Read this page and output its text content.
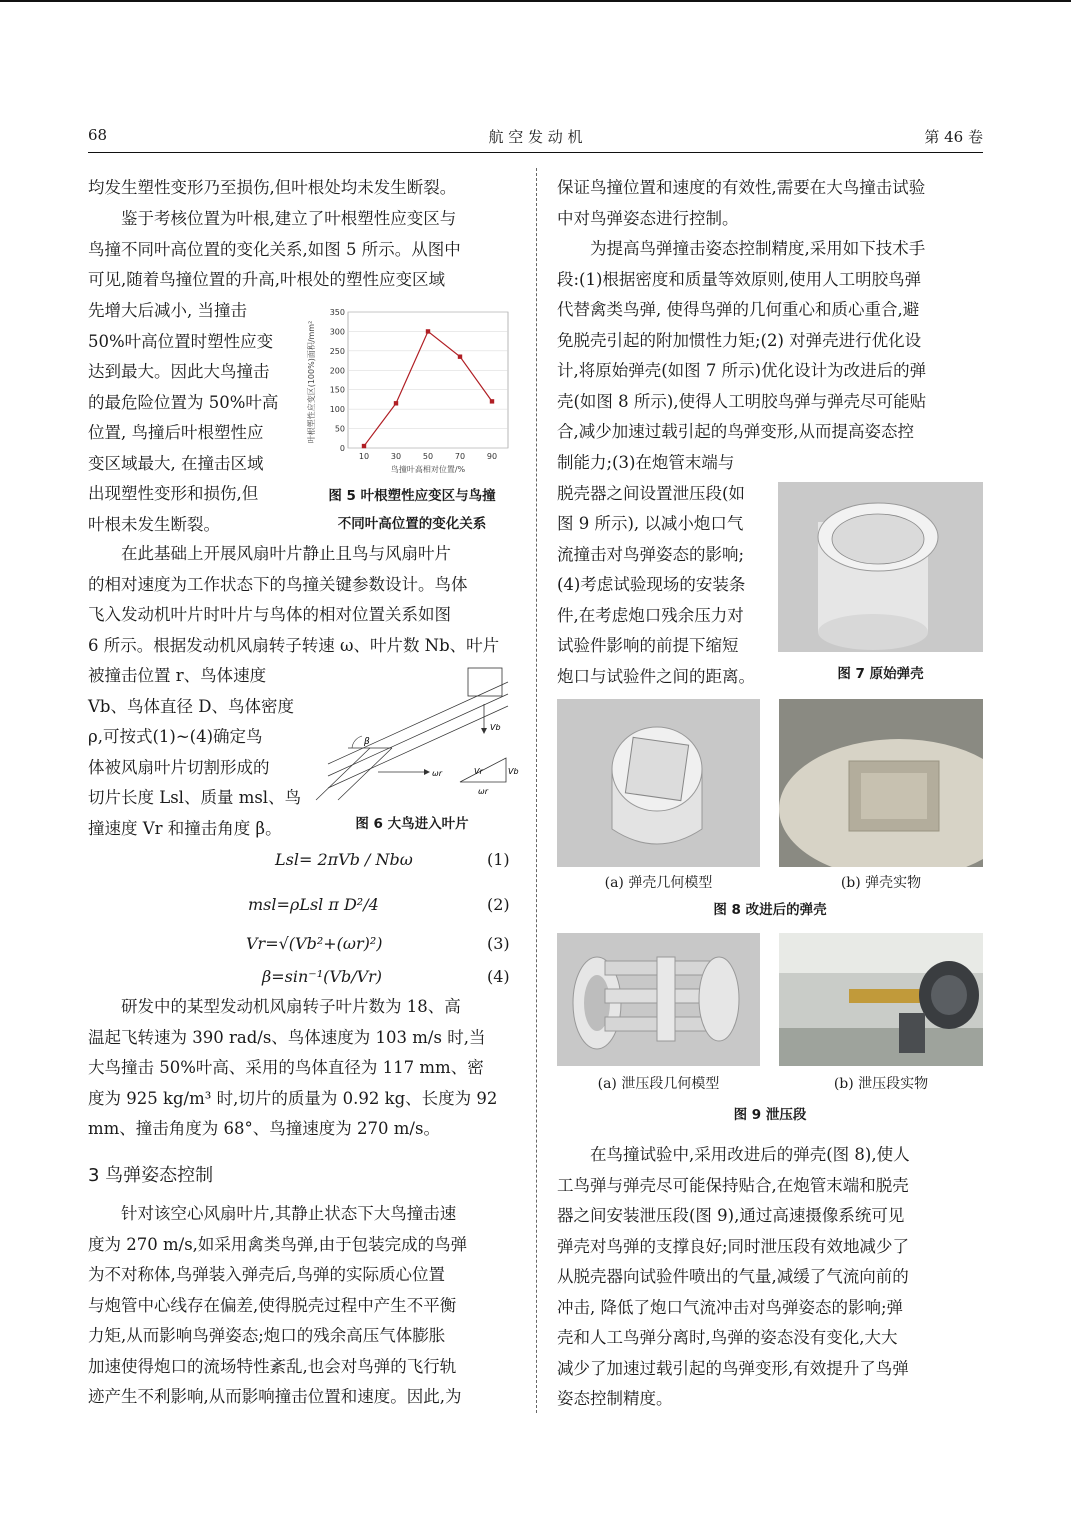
68	航 空 发 动 机	第 46 卷
均发生塑性变形乃至损伤,但叶根处均未发生断裂。
鉴于考核位置为叶根,建立了叶根塑性应变区与
鸟撞不同叶高位置的变化关系,如图 5 所示。从图中
可见,随着鸟撞位置的升高,叶根处的塑性应变区域
先增大后减小, 当撞击
50%叶高位置时塑性应变
达到最大。因此大鸟撞击
的最危险位置为 50%叶高
位置, 鸟撞后叶根塑性应
变区域最大, 在撞击区域
出现塑性变形和损伤,但
叶根未发生断裂。
0
50
100
150
200
250
300
350
10	30	50	70	90
叶根塑性应变区(100%)面积/mm²
鸟撞叶高相对位置/%
图 5 叶根塑性应变区与鸟撞
不同叶高位置的变化关系
在此基础上开展风扇叶片静止且鸟与风扇叶片
的相对速度为工作状态下的鸟撞关键参数设计。鸟体
飞入发动机叶片时叶片与鸟体的相对位置关系如图
6 所示。根据发动机风扇转子转速 ω、叶片数 Nb、叶片
被撞击位置 r、鸟体速度
Vb、鸟体直径 D、鸟体密度
ρ,可按式(1)~(4)确定鸟
体被风扇叶片切割形成的
切片长度 Lsl、质量 msl、鸟
撞速度 Vr 和撞击角度 β。
β
Vb
ωr	Vr	Vb
ωr
图 6 大鸟进入叶片
Lsl= 2πVb / Nbω	(1)
msl=ρLsl π D²/4	(2)
Vr=√(Vb²+(ωr)²)	(3)
β=sin⁻¹(Vb/Vr)	(4)
研发中的某型发动机风扇转子叶片数为 18、高
温起飞转速为 390 rad/s、鸟体速度为 103 m/s 时,当
大鸟撞击 50%叶高、采用的鸟体直径为 117 mm、密
度为 925 kg/m³ 时,切片的质量为 0.92 kg、长度为 92
mm、撞击角度为 68°、鸟撞速度为 270 m/s。
3 鸟弹姿态控制
针对该空心风扇叶片,其静止状态下大鸟撞击速
度为 270 m/s,如采用禽类鸟弹,由于包装完成的鸟弹
为不对称体,鸟弹装入弹壳后,鸟弹的实际质心位置
与炮管中心线存在偏差,使得脱壳过程中产生不平衡
力矩,从而影响鸟弹姿态;炮口的残余高压气体膨胀
加速使得炮口的流场特性紊乱,也会对鸟弹的飞行轨
迹产生不利影响,从而影响撞击位置和速度。因此,为
保证鸟撞位置和速度的有效性,需要在大鸟撞击试验
中对鸟弹姿态进行控制。
为提高鸟弹撞击姿态控制精度,采用如下技术手
段:(1)根据密度和质量等效原则,使用人工明胶鸟弹
代替禽类鸟弹, 使得鸟弹的几何重心和质心重合,避
免脱壳引起的附加惯性力矩;(2) 对弹壳进行优化设
计,将原始弹壳(如图 7 所示)优化设计为改进后的弹
壳(如图 8 所示),使得人工明胶鸟弹与弹壳尽可能贴
合,减少加速过载引起的鸟弹变形,从而提高姿态控
制能力;(3)在炮管末端与
脱壳器之间设置泄压段(如
图 9 所示), 以减小炮口气
流撞击对鸟弹姿态的影响;
(4)考虑试验现场的安装条
件,在考虑炮口残余压力对
试验件影响的前提下缩短
炮口与试验件之间的距离。	图 7 原始弹壳
(a) 弹壳几何模型	(b) 弹壳实物
图 8 改进后的弹壳
(a) 泄压段几何模型	(b) 泄压段实物
图 9 泄压段
在鸟撞试验中,采用改进后的弹壳(图 8),使人
工鸟弹与弹壳尽可能保持贴合,在炮管末端和脱壳
器之间安装泄压段(图 9),通过高速摄像系统可见
弹壳对鸟弹的支撑良好;同时泄压段有效地减少了
从脱壳器向试验件喷出的气量,减缓了气流向前的
冲击, 降低了炮口气流冲击对鸟弹姿态的影响;弹
壳和人工鸟弹分离时,鸟弹的姿态没有变化,大大
减少了加速过载引起的鸟弹变形,有效提升了鸟弹
姿态控制精度。
